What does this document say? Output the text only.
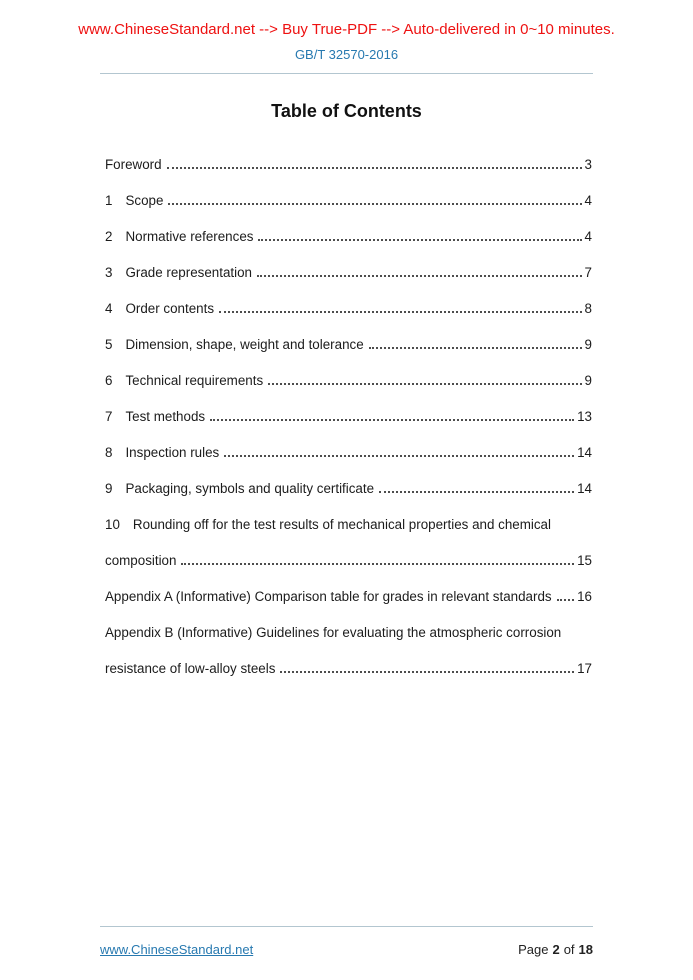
www.ChineseStandard.net --> Buy True-PDF --> Auto-delivered in 0~10 minutes.
GB/T 32570-2016
Table of Contents
Foreword	3
1 Scope	4
2 Normative references	4
3 Grade representation	7
4 Order contents	8
5 Dimension, shape, weight and tolerance	9
6 Technical requirements	9
7 Test methods	13
8 Inspection rules	14
9 Packaging, symbols and quality certificate	14
10 Rounding off for the test results of mechanical properties and chemical
composition	15
Appendix A (Informative) Comparison table for grades in relevant standards 16
Appendix B (Informative) Guidelines for evaluating the atmospheric corrosion
resistance of low-alloy steels	17
www.ChineseStandard.net	Page 2 of 18
